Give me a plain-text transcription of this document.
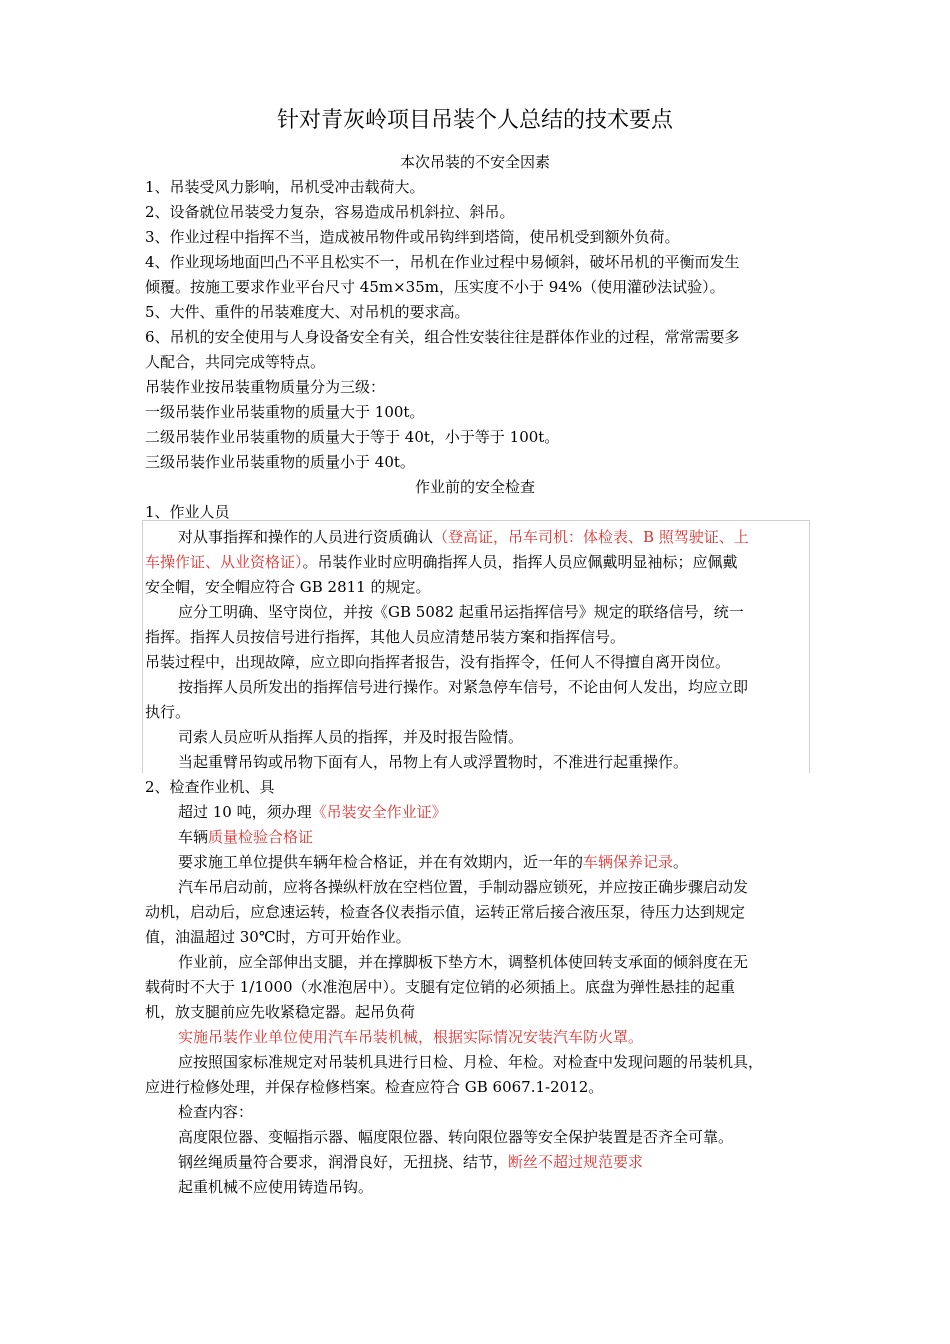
针对青灰岭项目吊装个人总结的技术要点
本次吊装的不安全因素
1、吊装受风力影响，吊机受冲击载荷大。
2、设备就位吊装受力复杂，容易造成吊机斜拉、斜吊。
3、作业过程中指挥不当，造成被吊物件或吊钩绊到塔筒，使吊机受到额外负荷。
4、作业现场地面凹凸不平且松实不一，吊机在作业过程中易倾斜，破坏吊机的平衡而发生
倾覆。按施工要求作业平台尺寸 45m×35m，压实度不小于 94%（使用灌砂法试验）。
5、大件、重件的吊装难度大、对吊机的要求高。
6、吊机的安全使用与人身设备安全有关，组合性安装往往是群体作业的过程，常常需要多
人配合，共同完成等特点。
吊装作业按吊装重物质量分为三级：
一级吊装作业吊装重物的质量大于 100t。
二级吊装作业吊装重物的质量大于等于 40t，小于等于 100t。
三级吊装作业吊装重物的质量小于 40t。
作业前的安全检查
1、作业人员
对从事指挥和操作的人员进行资质确认（登高证，吊车司机：体检表、B 照驾驶证、上
车操作证、从业资格证）。吊装作业时应明确指挥人员，指挥人员应佩戴明显袖标；应佩戴
安全帽，安全帽应符合 GB 2811 的规定。
应分工明确、坚守岗位，并按《GB 5082 起重吊运指挥信号》规定的联络信号，统一
指挥。指挥人员按信号进行指挥，其他人员应清楚吊装方案和指挥信号。
吊装过程中，出现故障，应立即向指挥者报告，没有指挥令，任何人不得擅自离开岗位。
按指挥人员所发出的指挥信号进行操作。对紧急停车信号，不论由何人发出，均应立即
执行。
司索人员应听从指挥人员的指挥，并及时报告险情。
当起重臂吊钩或吊物下面有人，吊物上有人或浮置物时，不准进行起重操作。
2、检查作业机、具
超过 10 吨，须办理《吊装安全作业证》
车辆质量检验合格证
要求施工单位提供车辆年检合格证，并在有效期内，近一年的车辆保养记录。
汽车吊启动前，应将各操纵杆放在空档位置，手制动器应锁死，并应按正确步骤启动发
动机，启动后，应怠速运转，检查各仪表指示值，运转正常后接合液压泵，待压力达到规定
值，油温超过 30℃时，方可开始作业。
作业前，应全部伸出支腿，并在撑脚板下垫方木，调整机体使回转支承面的倾斜度在无
载荷时不大于 1/1000（水准泡居中）。支腿有定位销的必须插上。底盘为弹性悬挂的起重
机，放支腿前应先收紧稳定器。起吊负荷
实施吊装作业单位使用汽车吊装机械，根据实际情况安装汽车防火罩。
应按照国家标准规定对吊装机具进行日检、月检、年检。对检查中发现问题的吊装机具，
应进行检修处理，并保存检修档案。检查应符合 GB 6067.1-2012。
检查内容：
高度限位器、变幅指示器、幅度限位器、转向限位器等安全保护装置是否齐全可靠。
钢丝绳质量符合要求，润滑良好，无扭挠、结节，断丝不超过规范要求
起重机械不应使用铸造吊钩。
